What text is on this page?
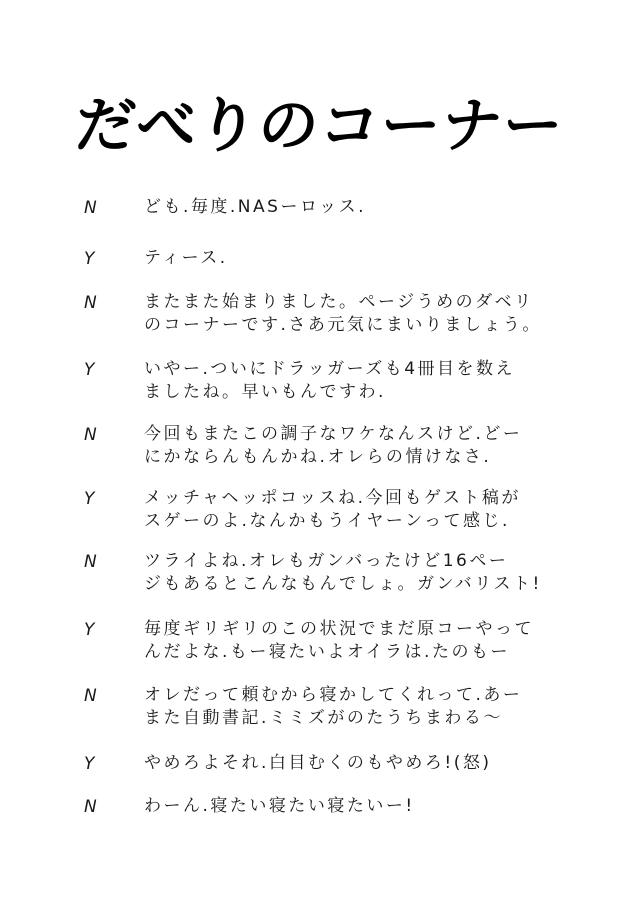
だべりのコーナー
N	ども.毎度.NASーロッス.
Y	ティース.
N	またまた始まりました。ページうめのダベリ
のコーナーです.さあ元気にまいりましょう。
Y	いやー.ついにドラッガーズも4冊目を数え
ましたね。早いもんですわ.
N	今回もまたこの調子なワケなんスけど.どー
にかならんもんかね.オレらの情けなさ.
Y	メッチャヘッポコッスね.今回もゲスト稿が
スゲーのよ.なんかもうイヤーンって感じ.
N	ツライよね.オレもガンバったけど16ペー
ジもあるとこんなもんでしょ。ガンバリスト!
Y	毎度ギリギリのこの状況でまだ原コーやって
んだよな.もー寝たいよオイラは.たのもー
N	オレだって頼むから寝かしてくれって.あー
また自動書記.ミミズがのたうちまわる〜
Y	やめろよそれ.白目むくのもやめろ!(怒)
N	わーん.寝たい寝たい寝たいー!
